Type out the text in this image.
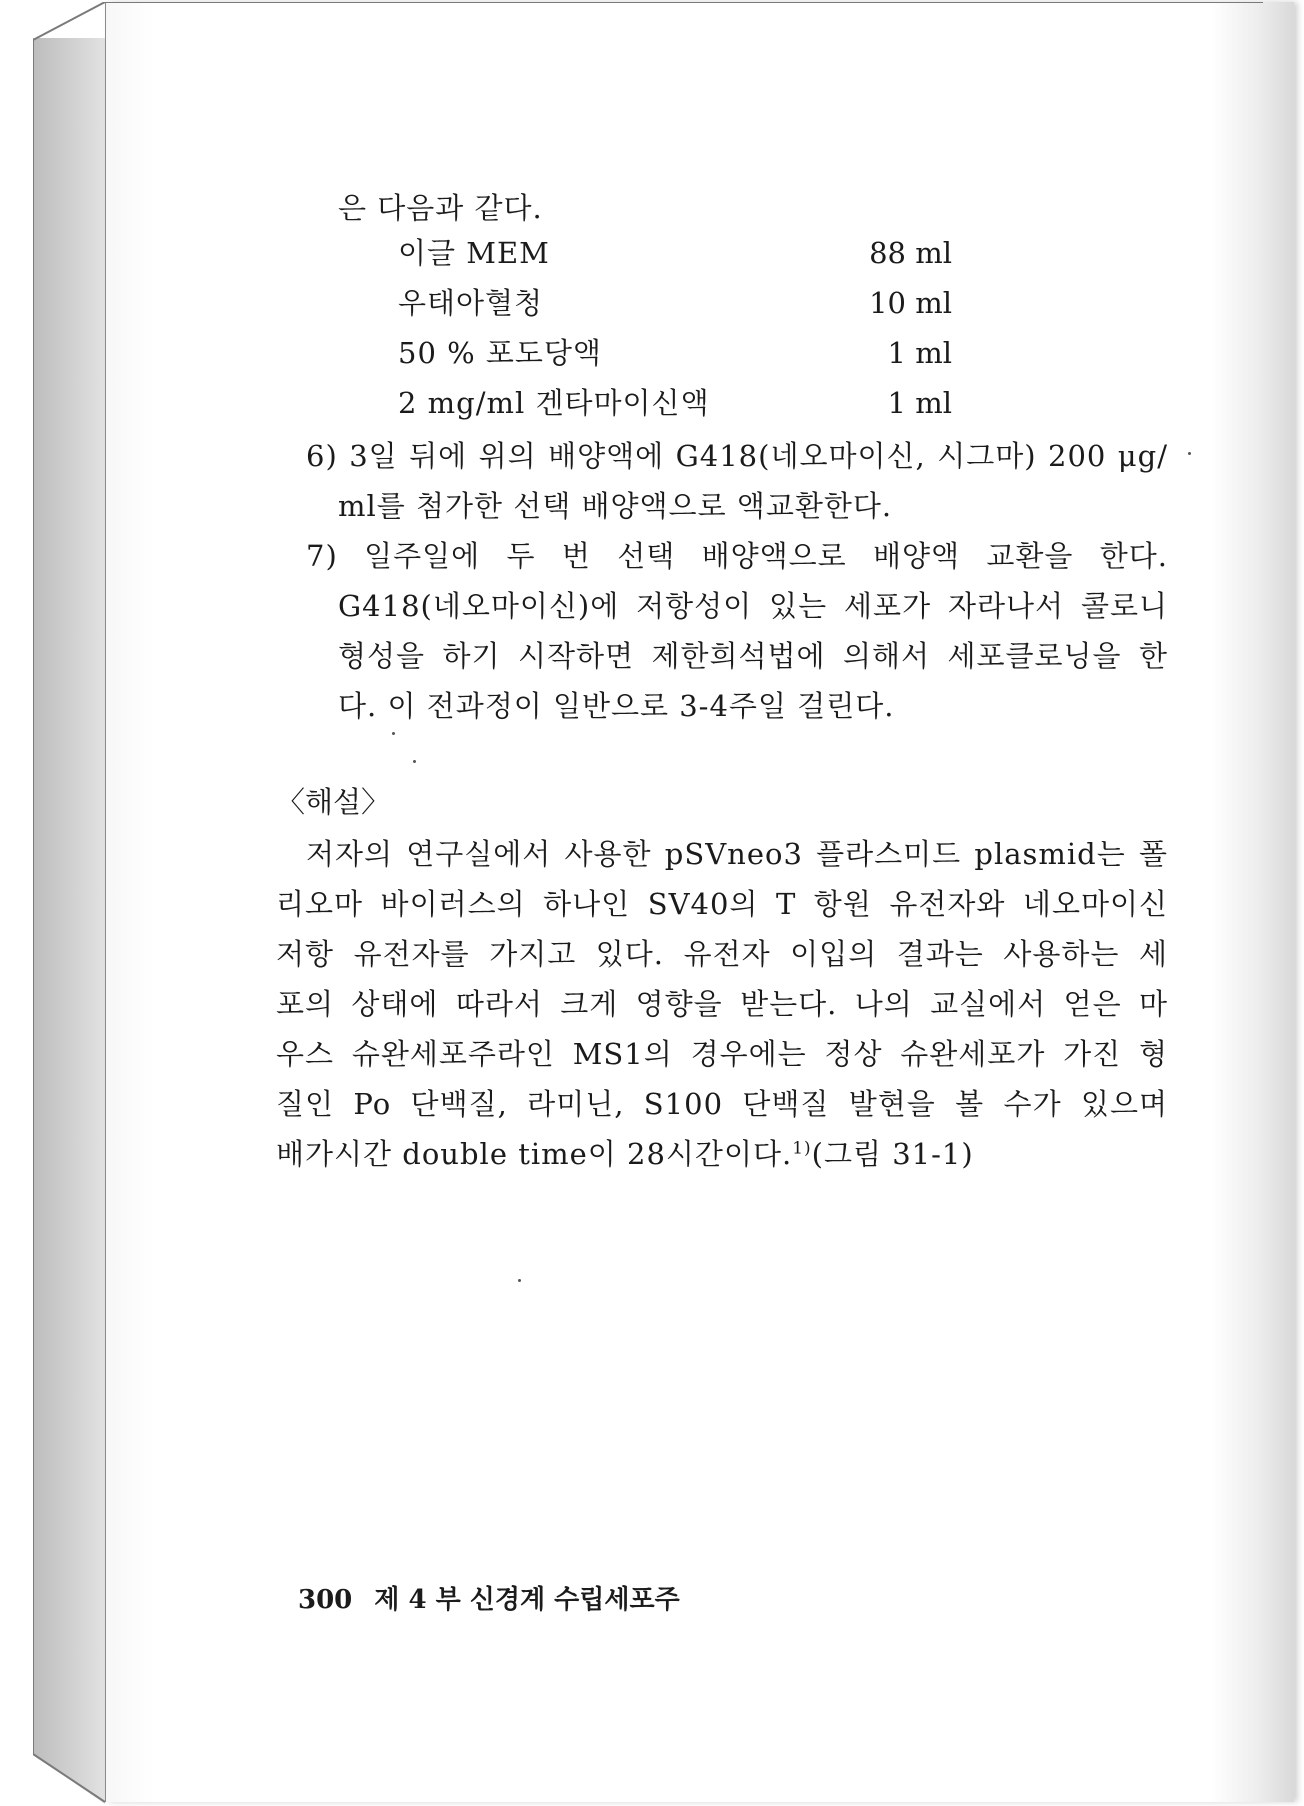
은 다음과 같다.
이글 MEM	88 ml
우태아혈청	10 ml
50 % 포도당액	1 ml
2 mg/ml 겐타마이신액	1 ml
6) 3일 뒤에 위의 배양액에 G418(네오마이신, 시그마) 200 μg/
ml를 첨가한 선택 배양액으로 액교환한다.
7) 일주일에 두 번 선택 배양액으로 배양액 교환을 한다.
G418(네오마이신)에 저항성이 있는 세포가 자라나서 콜로니
형성을 하기 시작하면 제한희석법에 의해서 세포클로닝을 한
다. 이 전과정이 일반으로 3-4주일 걸린다.
〈해설〉
저자의 연구실에서 사용한 pSVneo3 플라스미드 plasmid는 폴
리오마 바이러스의 하나인 SV40의 T 항원 유전자와 네오마이신
저항 유전자를 가지고 있다. 유전자 이입의 결과는 사용하는 세
포의 상태에 따라서 크게 영향을 받는다. 나의 교실에서 얻은 마
우스 슈완세포주라인 MS1의 경우에는 정상 슈완세포가 가진 형
질인 Po 단백질, 라미닌, S100 단백질 발현을 볼 수가 있으며
배가시간 double time이 28시간이다.$^{1)}$(그림 31-1)
300 제 4 부 신경계 수립세포주
